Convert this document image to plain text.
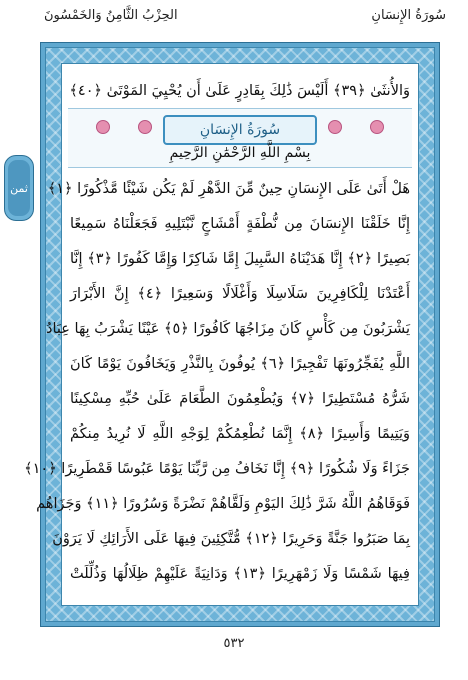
سُورَةُ الإِنسَانِ
الحِزْبُ الثَّامِنُ وَالخَمْسُونَ
ثمن
وَالأُنثَىٰ ﴿٣٩﴾ أَلَيْسَ ذَٰلِكَ بِقَادِرٍ عَلَىٰ أَن يُحْيِيَ المَوْتَىٰ ﴿٤٠﴾
سُورَةُ الإِنسَانِ
بِسْمِ اللَّهِ الرَّحْمَٰنِ الرَّحِيمِ
هَلْ أَتَىٰ عَلَى الإِنسَانِ حِينٌ مِّنَ الدَّهْرِ لَمْ يَكُن شَيْئًا مَّذْكُورًا ﴿١﴾
إِنَّا خَلَقْنَا الإِنسَانَ مِن نُّطْفَةٍ أَمْشَاجٍ نَّبْتَلِيهِ فَجَعَلْنَاهُ سَمِيعًا
بَصِيرًا ﴿٢﴾ إِنَّا هَدَيْنَاهُ السَّبِيلَ إِمَّا شَاكِرًا وَإِمَّا كَفُورًا ﴿٣﴾ إِنَّا
أَعْتَدْنَا لِلْكَافِرِينَ سَلَاسِلَا وَأَغْلَالًا وَسَعِيرًا ﴿٤﴾ إِنَّ الأَبْرَارَ
يَشْرَبُونَ مِن كَأْسٍ كَانَ مِزَاجُهَا كَافُورًا ﴿٥﴾ عَيْنًا يَشْرَبُ بِهَا عِبَادُ
اللَّهِ يُفَجِّرُونَهَا تَفْجِيرًا ﴿٦﴾ يُوفُونَ بِالنَّذْرِ وَيَخَافُونَ يَوْمًا كَانَ
شَرُّهُ مُسْتَطِيرًا ﴿٧﴾ وَيُطْعِمُونَ الطَّعَامَ عَلَىٰ حُبِّهِ مِسْكِينًا
وَيَتِيمًا وَأَسِيرًا ﴿٨﴾ إِنَّمَا نُطْعِمُكُمْ لِوَجْهِ اللَّهِ لَا نُرِيدُ مِنكُمْ
جَزَاءً وَلَا شُكُورًا ﴿٩﴾ إِنَّا نَخَافُ مِن رَّبِّنَا يَوْمًا عَبُوسًا قَمْطَرِيرًا ﴿١٠﴾
فَوَقَاهُمُ اللَّهُ شَرَّ ذَٰلِكَ اليَوْمِ وَلَقَّاهُمْ نَضْرَةً وَسُرُورًا ﴿١١﴾ وَجَزَاهُم
بِمَا صَبَرُوا جَنَّةً وَحَرِيرًا ﴿١٢﴾ مُّتَّكِئِينَ فِيهَا عَلَى الأَرَائِكِ لَا يَرَوْنَ
فِيهَا شَمْسًا وَلَا زَمْهَرِيرًا ﴿١٣﴾ وَدَانِيَةً عَلَيْهِمْ ظِلَالُهَا وَذُلِّلَتْ
٥٣٢
